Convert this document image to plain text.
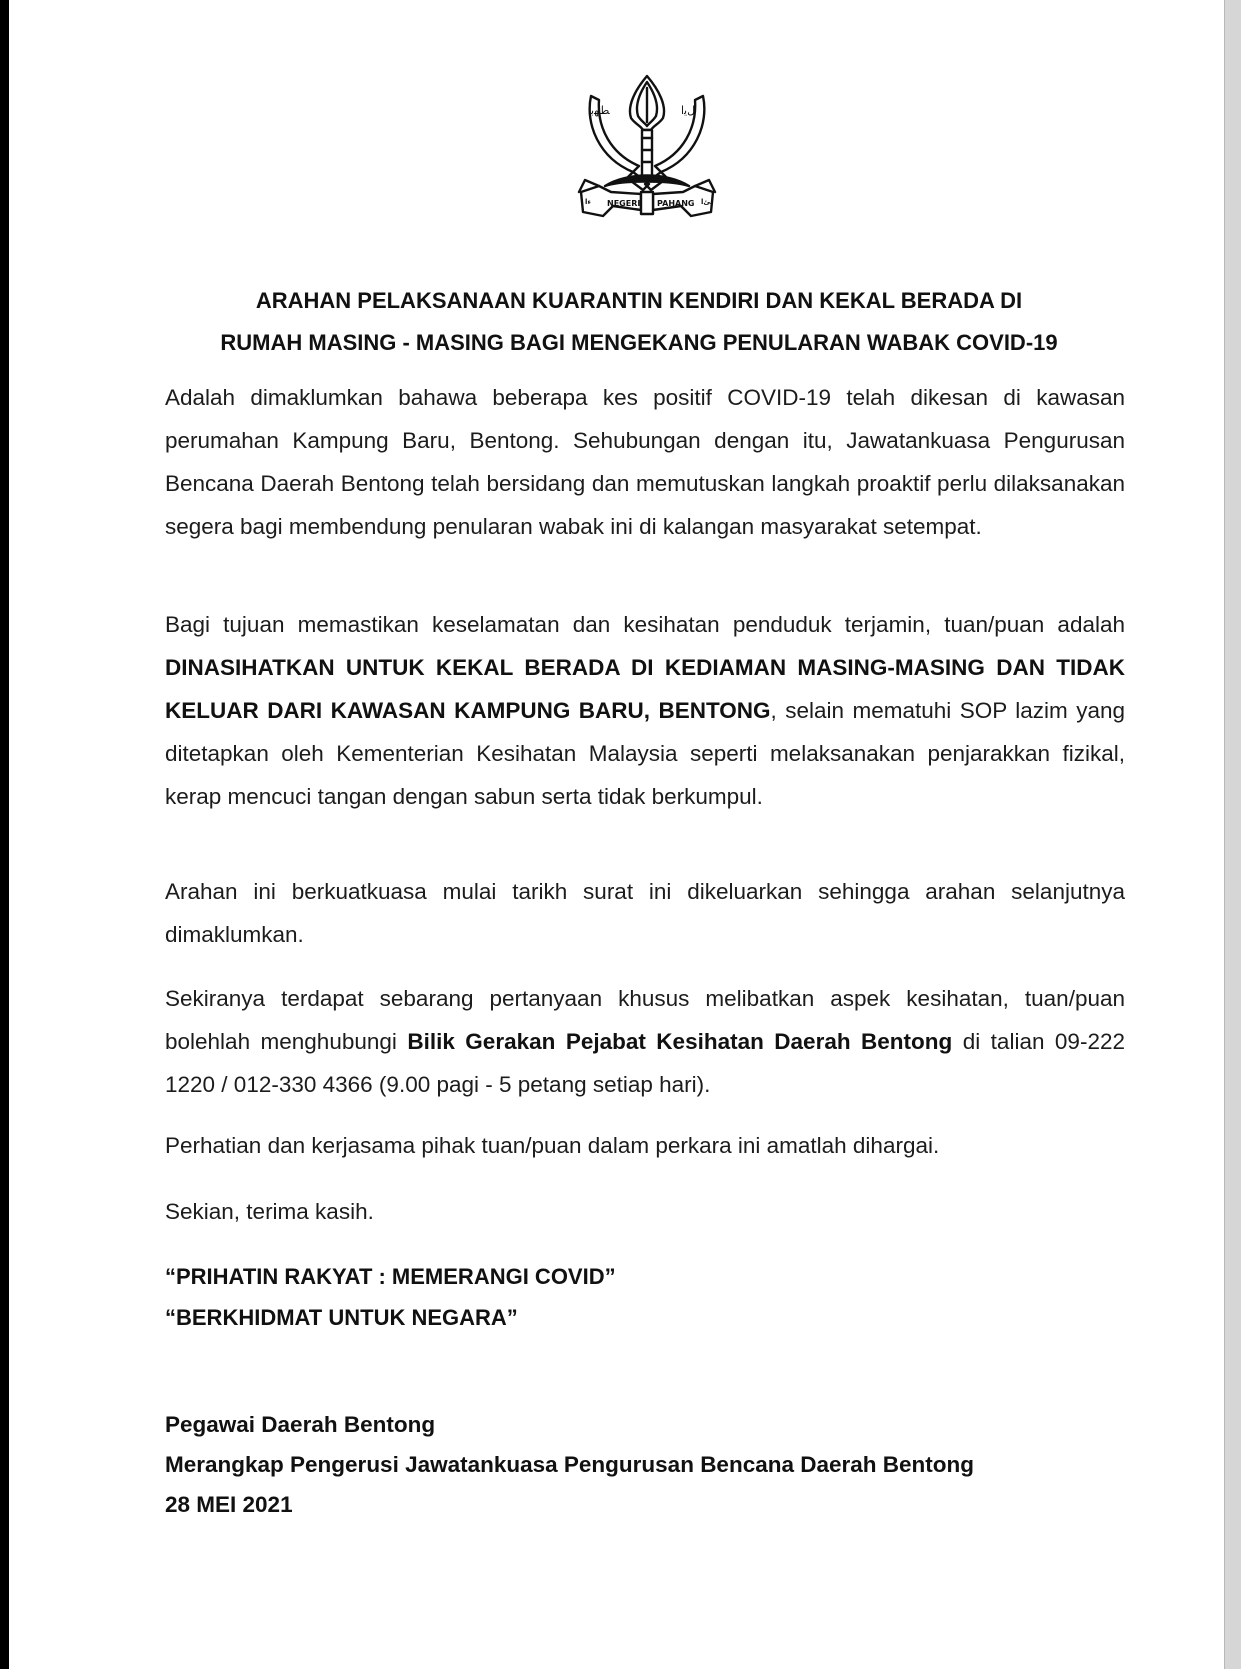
ﻂﻬﺑ	ﻞﻳﺍ
NEGERI PAHANG
ﺀﺍ	ﺊﺍ
ARAHAN PELAKSANAAN KUARANTIN KENDIRI DAN KEKAL BERADA DI
RUMAH MASING - MASING BAGI MENGEKANG PENULARAN WABAK COVID-19

Adalah dimaklumkan bahawa beberapa kes positif COVID-19 telah dikesan di kawasan perumahan Kampung Baru, Bentong. Sehubungan dengan itu, Jawatankuasa Pengurusan Bencana Daerah Bentong telah bersidang dan memutuskan langkah proaktif perlu dilaksanakan segera bagi membendung penularan wabak ini di kalangan masyarakat setempat.

Bagi tujuan memastikan keselamatan dan kesihatan penduduk terjamin, tuan/puan adalah DINASIHATKAN UNTUK KEKAL BERADA DI KEDIAMAN MASING-MASING DAN TIDAK KELUAR DARI KAWASAN KAMPUNG BARU, BENTONG, selain mematuhi SOP lazim yang ditetapkan oleh Kementerian Kesihatan Malaysia seperti melaksanakan penjarakkan fizikal, kerap mencuci tangan dengan sabun serta tidak berkumpul.

Arahan ini berkuatkuasa mulai tarikh surat ini dikeluarkan sehingga arahan selanjutnya dimaklumkan.

Sekiranya terdapat sebarang pertanyaan khusus melibatkan aspek kesihatan, tuan/puan bolehlah menghubungi Bilik Gerakan Pejabat Kesihatan Daerah Bentong di talian 09-222 1220 / 012-330 4366 (9.00 pagi - 5 petang setiap hari).

Perhatian dan kerjasama pihak tuan/puan dalam perkara ini amatlah dihargai.

Sekian, terima kasih.

“PRIHATIN RAKYAT : MEMERANGI COVID”
“BERKHIDMAT UNTUK NEGARA”
Pegawai Daerah Bentong
Merangkap Pengerusi Jawatankuasa Pengurusan Bencana Daerah Bentong
28 MEI 2021
